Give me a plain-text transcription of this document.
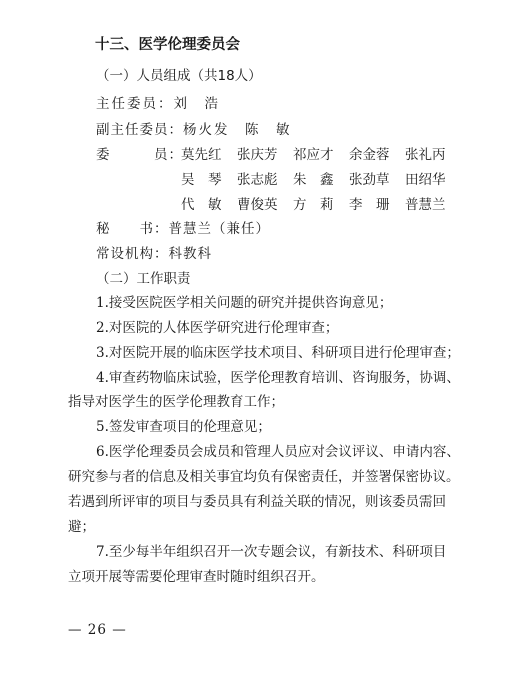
十三、医学伦理委员会
（一）人员组成（共18人）
主任委员：刘　浩
副主任委员：杨火发　陈　敏
委　　　员：
莫先红 张庆芳 祁应才 余金蓉 张礼丙
吴　琴 张志彪 朱　鑫 张劲草 田绍华
代　敏 曹俊英 方　莉 李　珊 普慧兰
秘　　书：普慧兰（兼任）
常设机构：科教科
（二）工作职责
1.接受医院医学相关问题的研究并提供咨询意见；
2.对医院的人体医学研究进行伦理审查；
3.对医院开展的临床医学技术项目、科研项目进行伦理审查；
4.审查药物临床试验，医学伦理教育培训、咨询服务，协调、
指导对医学生的医学伦理教育工作；
5.签发审查项目的伦理意见；
6.医学伦理委员会成员和管理人员应对会议评议、申请内容、
研究参与者的信息及相关事宜均负有保密责任，并签署保密协议。
若遇到所评审的项目与委员具有利益关联的情况，则该委员需回
避；
7.至少每半年组织召开一次专题会议，有新技术、科研项目
立项开展等需要伦理审查时随时组织召开。
— 26 —
